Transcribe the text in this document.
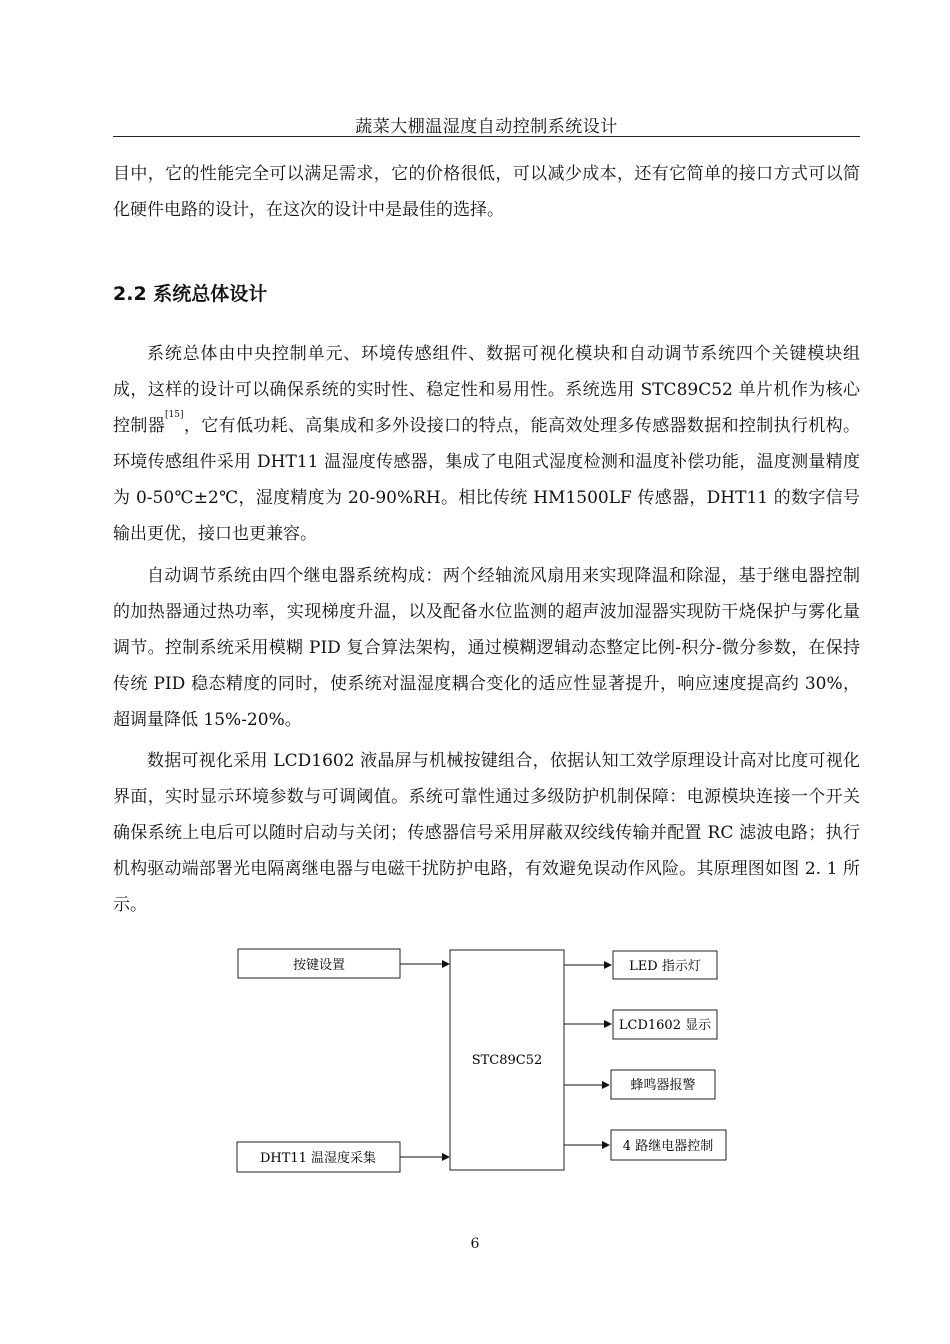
蔬菜大棚温湿度自动控制系统设计
目中，它的性能完全可以满足需求，它的价格很低，可以减少成本，还有它简单的接口方式可以简化硬件电路的设计，在这次的设计中是最佳的选择。
2.2 系统总体设计
系统总体由中央控制单元、环境传感组件、数据可视化模块和自动调节系统四个关键模块组成，这样的设计可以确保系统的实时性、稳定性和易用性。系统选用 STC89C52 单片机作为核心控制器[15]，它有低功耗、高集成和多外设接口的特点，能高效处理多传感器数据和控制执行机构。环境传感组件采用 DHT11 温湿度传感器，集成了电阻式湿度检测和温度补偿功能，温度测量精度为 0-50℃±2℃，湿度精度为 20-90%RH。相比传统 HM1500LF 传感器，DHT11 的数字信号输出更优，接口也更兼容。
自动调节系统由四个继电器系统构成：两个经轴流风扇用来实现降温和除湿，基于继电器控制的加热器通过热功率，实现梯度升温，以及配备水位监测的超声波加湿器实现防干烧保护与雾化量调节。控制系统采用模糊 PID 复合算法架构，通过模糊逻辑动态整定比例-积分-微分参数，在保持传统 PID 稳态精度的同时，使系统对温湿度耦合变化的适应性显著提升，响应速度提高约 30%，超调量降低 15%-20%。
数据可视化采用 LCD1602 液晶屏与机械按键组合，依据认知工效学原理设计高对比度可视化界面，实时显示环境参数与可调阈值。系统可靠性通过多级防护机制保障：电源模块连接一个开关确保系统上电后可以随时启动与关闭；传感器信号采用屏蔽双绞线传输并配置 RC 滤波电路；执行机构驱动端部署光电隔离继电器与电磁干扰防护电路，有效避免误动作风险。其原理图如图 2. 1 所示。
STC89C52
按键设置
DHT11 温湿度采集
LED 指示灯
LCD1602 显示
蜂鸣器报警
4 路继电器控制
6
